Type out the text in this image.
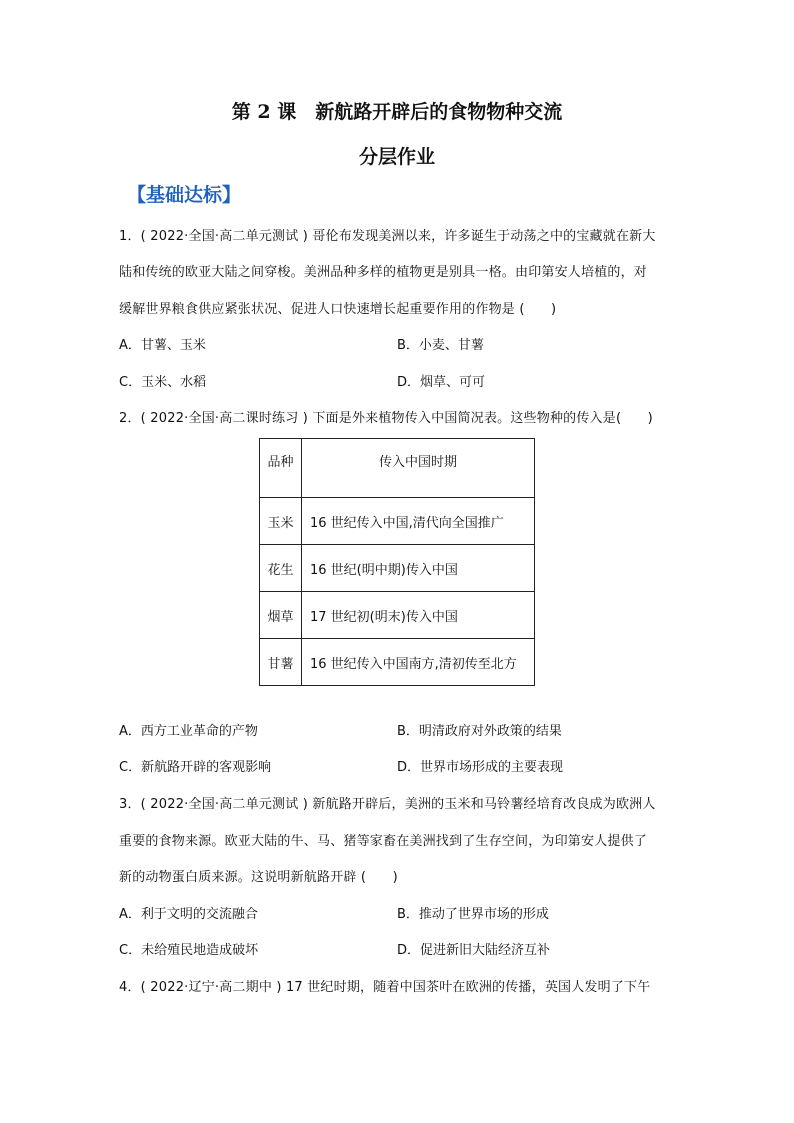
第 2 课　新航路开辟后的食物物种交流
分层作业
【基础达标】
1．( 2022·全国·高二单元测试 ) 哥伦布发现美洲以来，许多诞生于动荡之中的宝藏就在新大
陆和传统的欧亚大陆之间穿梭。美洲品种多样的植物更是别具一格。由印第安人培植的，对
缓解世界粮食供应紧张状况、促进人口快速增长起重要作用的作物是 (　　)
A．甘薯、玉米	B．小麦、甘薯
C．玉米、水稻	D．烟草、可可
2．( 2022·全国·高二课时练习 ) 下面是外来植物传入中国简况表。这些物种的传入是(　　)
品种	传入中国时期
玉米	16 世纪传入中国,清代向全国推广
花生	16 世纪(明中期)传入中国
烟草	17 世纪初(明末)传入中国
甘薯	16 世纪传入中国南方,清初传至北方
A．西方工业革命的产物	B．明清政府对外政策的结果
C．新航路开辟的客观影响	D．世界市场形成的主要表现
3．( 2022·全国·高二单元测试 ) 新航路开辟后，美洲的玉米和马铃薯经培育改良成为欧洲人
重要的食物来源。欧亚大陆的牛、马、猪等家畜在美洲找到了生存空间，为印第安人提供了
新的动物蛋白质来源。这说明新航路开辟 (　　)
A．利于文明的交流融合	B．推动了世界市场的形成
C．未给殖民地造成破坏	D．促进新旧大陆经济互补
4．( 2022·辽宁·高二期中 ) 17 世纪时期，随着中国茶叶在欧洲的传播，英国人发明了下午
